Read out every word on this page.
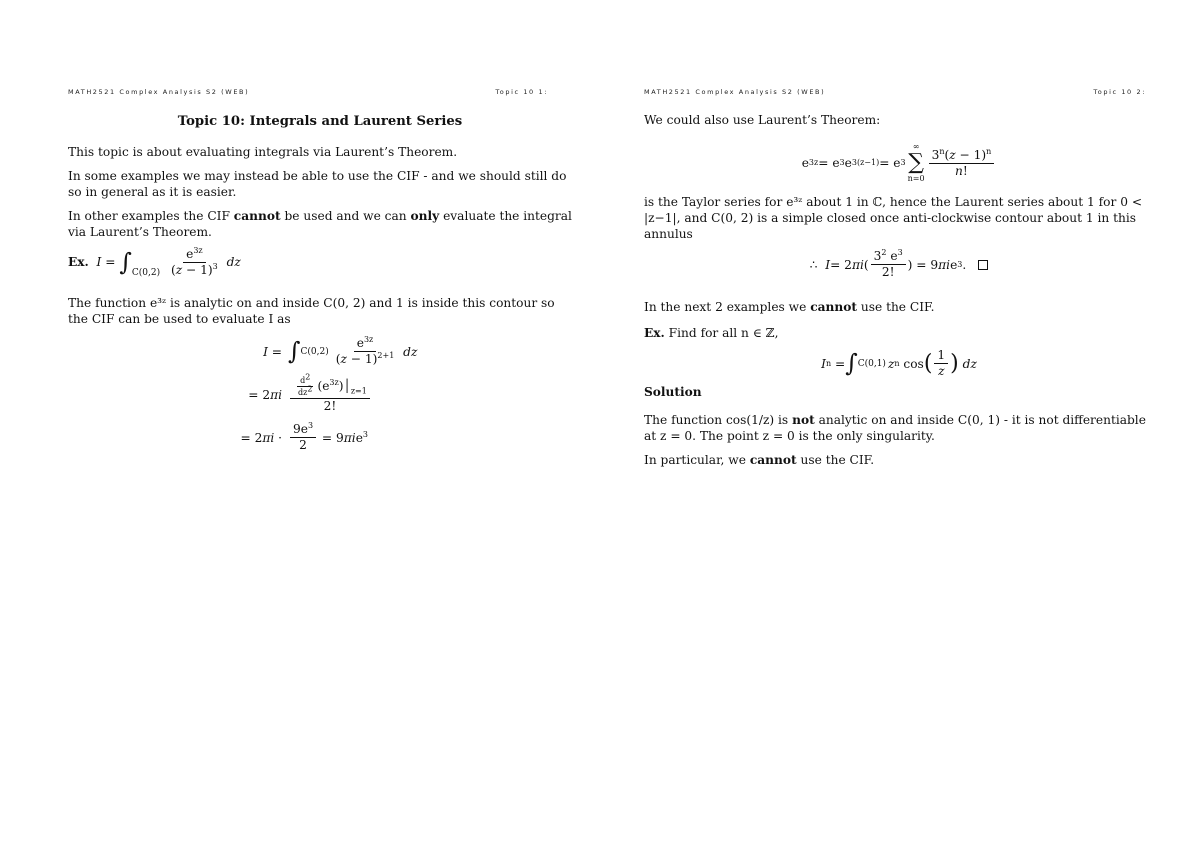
MATH2521 Complex Analysis S2 (WEB)	Topic 10 1:
Topic 10: Integrals and Laurent Series

This topic is about evaluating integrals via Laurent’s Theorem.

In some examples we may instead be able to use the CIF - and we should still do so in general as it is easier.

In other examples the CIF cannot be used and we can only evaluate the integral via Laurent’s Theorem.

Ex.  $I = \int_{C(0,2)} \frac{e^{3z}}{(z - 1)^3}$ dz

The function e³ᶻ is analytic on and inside C(0, 2) and 1 is inside this contour so the CIF can be used to evaluate I as

I = ∫ $C(0,2) \frac{e^{3z}}{(z - 1)^{2+1}}$ dz
= 2πi	$\frac{\frac{d^2}{dz^2} (e^{3z})│_{z=1}}{2!}$
= $2\pi i \cdot \frac{9e^3}{2} = 9\pi ie^3$
MATH2521 Complex Analysis S2 (WEB)	Topic 10 2:

We could also use Laurent’s Theorem:

e 3z = e 3 e 3(z−1) = e 3
∞
∑
n=0
$\frac{3^n(z - 1)^n}{n!}$

is the Taylor series for e³ᶻ about 1 in ℂ, hence the Laurent series about 1 for 0 < |z−1|, and C(0, 2) is a simple closed once anti-clockwise contour about 1 in this annulus

∴ I = 2 πi ( $\frac{3^2 e^3}{2!}$ ) = 9 πi e 3 .

In the next 2 examples we cannot use the CIF.

Ex. Find for all n ∈ ℤ,

I n = ∫ C(0,1) z n cos ( $\frac{1}{z}$ ) dz

Solution

The function cos(1/z) is not analytic on and inside C(0, 1) - it is not differentiable at z = 0. The point z = 0 is the only singularity.

In particular, we cannot use the CIF.
